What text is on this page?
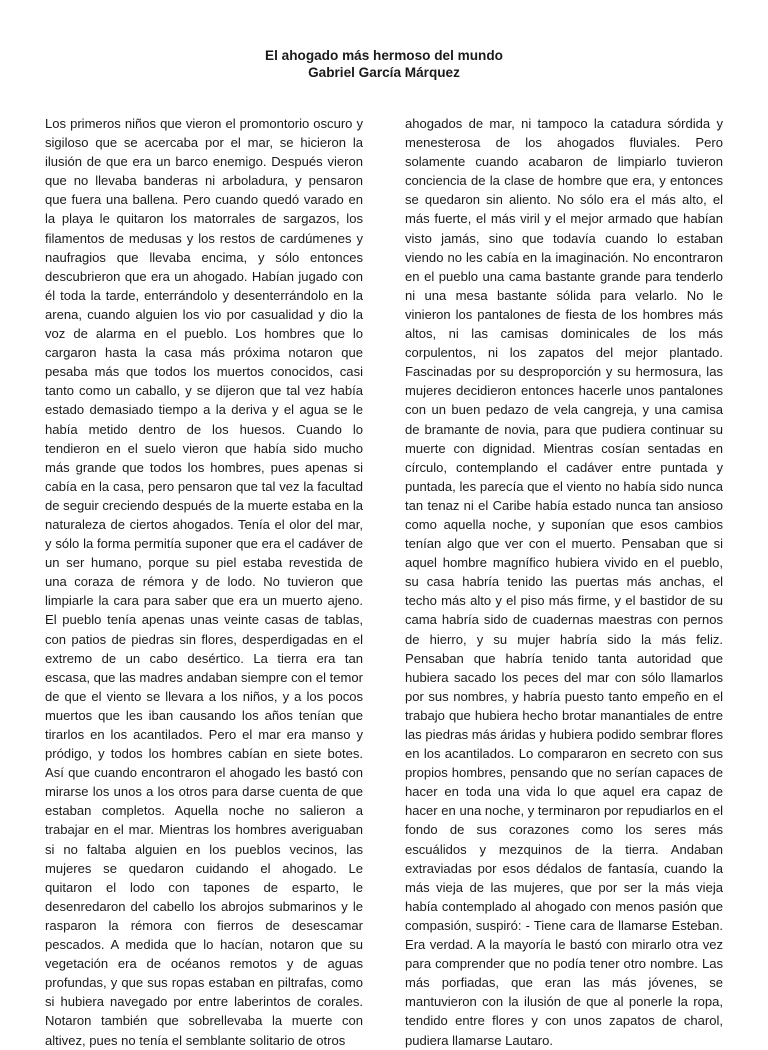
El ahogado más hermoso del mundo
Gabriel García Márquez

Los primeros niños que vieron el promontorio oscuro y sigiloso que se acercaba por el mar, se hicieron la ilusión de que era un barco enemigo. Después vieron que no llevaba banderas ni arboladura, y pensaron que fuera una ballena. Pero cuando quedó varado en la playa le quitaron los matorrales de sargazos, los filamentos de medusas y los restos de cardúmenes y naufragios que llevaba encima, y sólo entonces descubrieron que era un ahogado. Habían jugado con él toda la tarde, enterrándolo y desenterrándolo en la arena, cuando alguien los vio por casualidad y dio la voz de alarma en el pueblo. Los hombres que lo cargaron hasta la casa más próxima notaron que pesaba más que todos los muertos conocidos, casi tanto como un caballo, y se dijeron que tal vez había estado demasiado tiempo a la deriva y el agua se le había metido dentro de los huesos. Cuando lo tendieron en el suelo vieron que había sido mucho más grande que todos los hombres, pues apenas si cabía en la casa, pero pensaron que tal vez la facultad de seguir creciendo después de la muerte estaba en la naturaleza de ciertos ahogados. Tenía el olor del mar, y sólo la forma permitía suponer que era el cadáver de un ser humano, porque su piel estaba revestida de una coraza de rémora y de lodo. No tuvieron que limpiarle la cara para saber que era un muerto ajeno. El pueblo tenía apenas unas veinte casas de tablas, con patios de piedras sin flores, desperdigadas en el extremo de un cabo desértico. La tierra era tan escasa, que las madres andaban siempre con el temor de que el viento se llevara a los niños, y a los pocos muertos que les iban causando los años tenían que tirarlos en los acantilados. Pero el mar era manso y pródigo, y todos los hombres cabían en siete botes. Así que cuando encontraron el ahogado les bastó con mirarse los unos a los otros para darse cuenta de que estaban completos. Aquella noche no salieron a trabajar en el mar. Mientras los hombres averiguaban si no faltaba alguien en los pueblos vecinos, las mujeres se quedaron cuidando el ahogado. Le quitaron el lodo con tapones de esparto, le desenredaron del cabello los abrojos submarinos y le rasparon la rémora con fierros de desescamar pescados. A medida que lo hacían, notaron que su vegetación era de océanos remotos y de aguas profundas, y que sus ropas estaban en piltrafas, como si hubiera navegado por entre laberintos de corales. Notaron también que sobrellevaba la muerte con altivez, pues no tenía el semblante solitario de otros

ahogados de mar, ni tampoco la catadura sórdida y menesterosa de los ahogados fluviales. Pero solamente cuando acabaron de limpiarlo tuvieron conciencia de la clase de hombre que era, y entonces se quedaron sin aliento. No sólo era el más alto, el más fuerte, el más viril y el mejor armado que habían visto jamás, sino que todavía cuando lo estaban viendo no les cabía en la imaginación. No encontraron en el pueblo una cama bastante grande para tenderlo ni una mesa bastante sólida para velarlo. No le vinieron los pantalones de fiesta de los hombres más altos, ni las camisas dominicales de los más corpulentos, ni los zapatos del mejor plantado. Fascinadas por su desproporción y su hermosura, las mujeres decidieron entonces hacerle unos pantalones con un buen pedazo de vela cangreja, y una camisa de bramante de novia, para que pudiera continuar su muerte con dignidad. Mientras cosían sentadas en círculo, contemplando el cadáver entre puntada y puntada, les parecía que el viento no había sido nunca tan tenaz ni el Caribe había estado nunca tan ansioso como aquella noche, y suponían que esos cambios tenían algo que ver con el muerto. Pensaban que si aquel hombre magnífico hubiera vivido en el pueblo, su casa habría tenido las puertas más anchas, el techo más alto y el piso más firme, y el bastidor de su cama habría sido de cuadernas maestras con pernos de hierro, y su mujer habría sido la más feliz. Pensaban que habría tenido tanta autoridad que hubiera sacado los peces del mar con sólo llamarlos por sus nombres, y habría puesto tanto empeño en el trabajo que hubiera hecho brotar manantiales de entre las piedras más áridas y hubiera podido sembrar flores en los acantilados. Lo compararon en secreto con sus propios hombres, pensando que no serían capaces de hacer en toda una vida lo que aquel era capaz de hacer en una noche, y terminaron por repudiarlos en el fondo de sus corazones como los seres más escuálidos y mezquinos de la tierra. Andaban extraviadas por esos dédalos de fantasía, cuando la más vieja de las mujeres, que por ser la más vieja había contemplado al ahogado con menos pasión que compasión, suspiró: - Tiene cara de llamarse Esteban. Era verdad. A la mayoría le bastó con mirarlo otra vez para comprender que no podía tener otro nombre. Las más porfiadas, que eran las más jóvenes, se mantuvieron con la ilusión de que al ponerle la ropa, tendido entre flores y con unos zapatos de charol, pudiera llamarse Lautaro.
